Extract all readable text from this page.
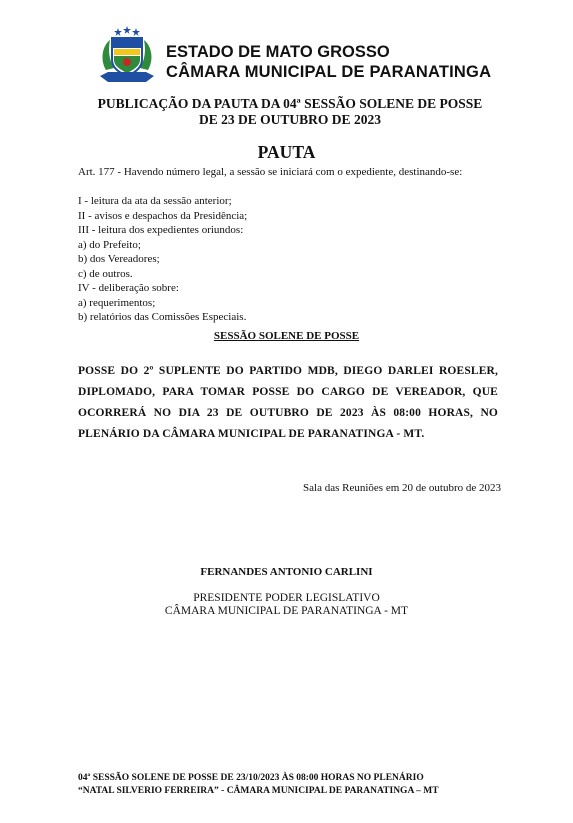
ESTADO DE MATO GROSSO
CÂMARA MUNICIPAL DE PARANATINGA
PUBLICAÇÃO DA PAUTA DA 04ª SESSÃO SOLENE DE POSSE
DE 23 DE OUTUBRO DE 2023
PAUTA
Art. 177 - Havendo número legal, a sessão se iniciará com o expediente, destinando-se:
I - leitura da ata da sessão anterior;
II - avisos e despachos da Presidência;
III - leitura dos expedientes oriundos:
a) do Prefeito;
b) dos Vereadores;
c) de outros.
IV - deliberação sobre:
a) requerimentos;
b) relatórios das Comissões Especiais.
SESSÃO SOLENE DE POSSE
POSSE DO 2º SUPLENTE DO PARTIDO MDB, DIEGO DARLEI ROESLER, DIPLOMADO, PARA TOMAR POSSE DO CARGO DE VEREADOR, QUE OCORRERÁ NO DIA 23 DE OUTUBRO DE 2023 ÀS 08:00 HORAS, NO PLENÁRIO DA CÂMARA MUNICIPAL DE PARANATINGA - MT.
Sala das Reuniões em 20 de outubro de 2023
FERNANDES ANTONIO CARLINI
PRESIDENTE PODER LEGISLATIVO
CÂMARA MUNICIPAL DE PARANATINGA - MT
04ª SESSÃO SOLENE DE POSSE DE 23/10/2023 ÀS 08:00 HORAS NO PLENÁRIO
“NATAL SILVERIO FERREIRA” - CÂMARA MUNICIPAL DE PARANATINGA – MT
